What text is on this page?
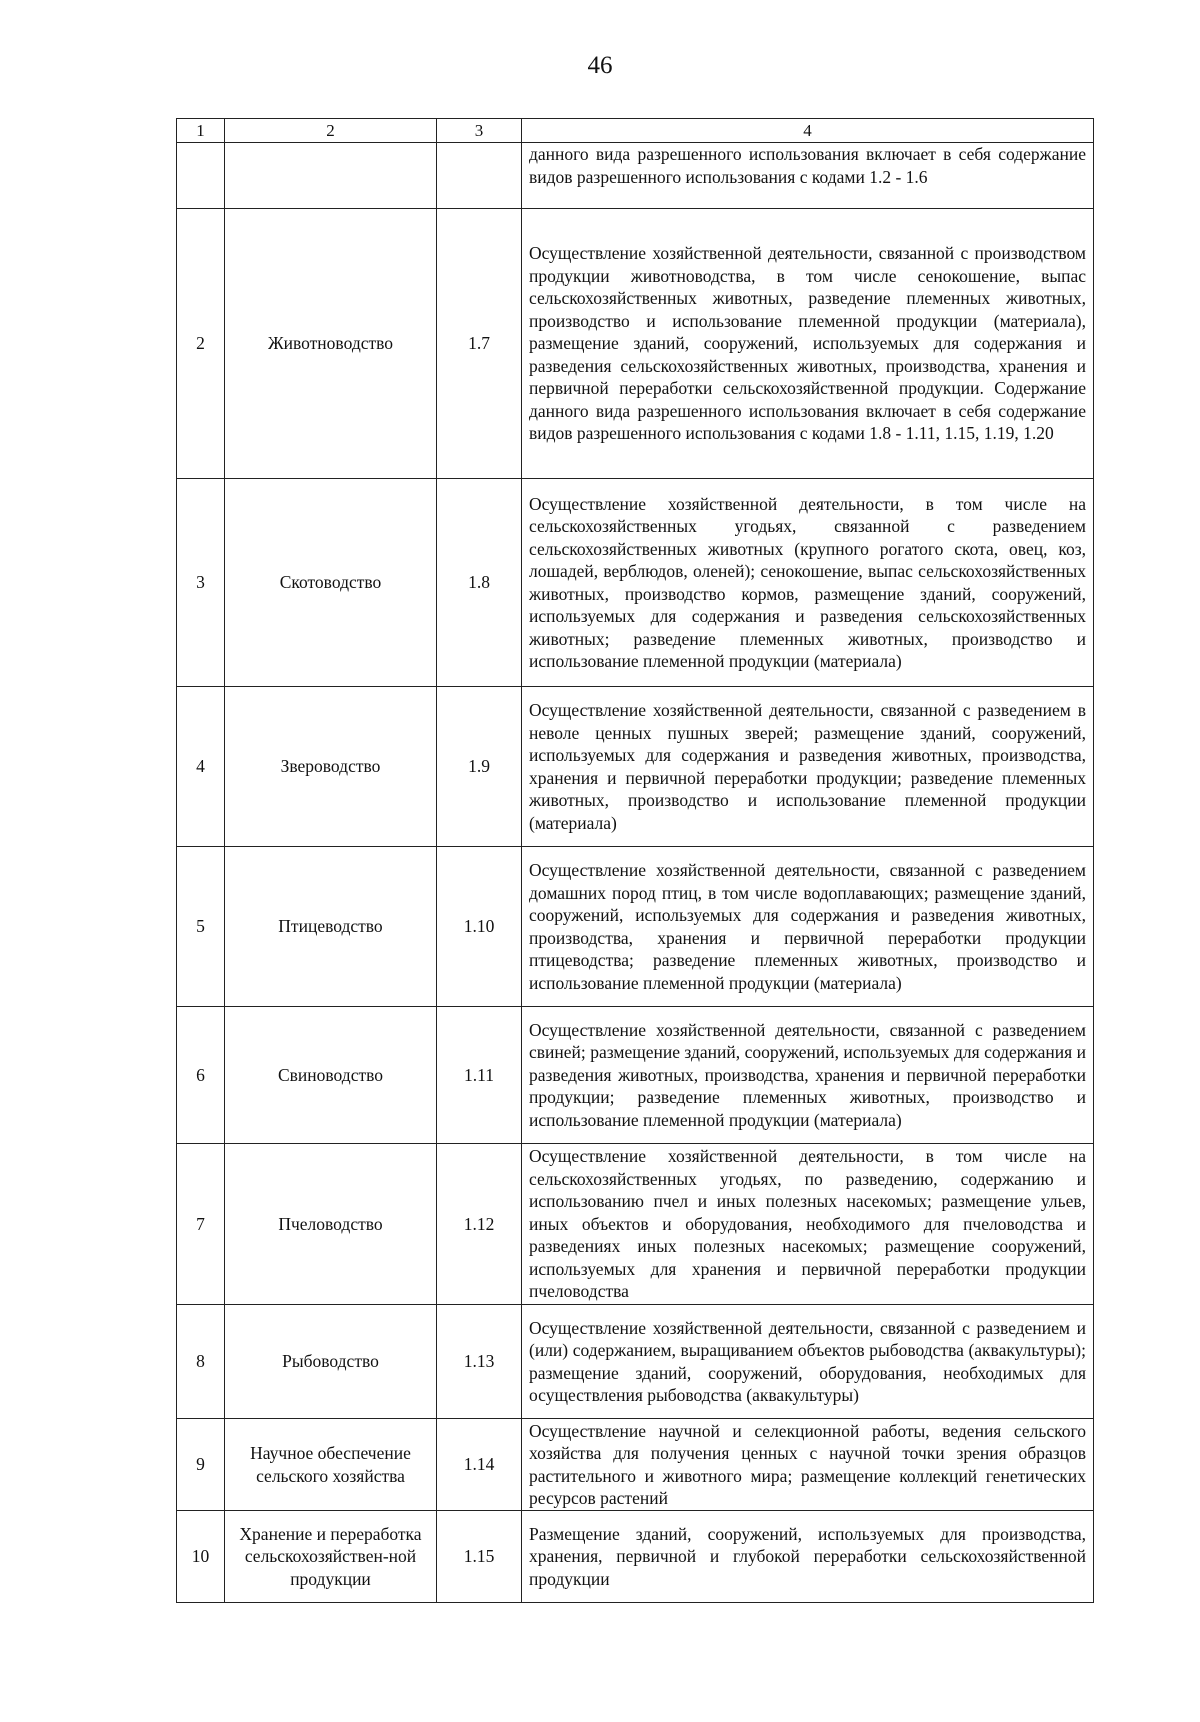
46
1	2	3	4
			данного вида разрешенного использования включает в себя содержание видов разрешенного использования с кодами 1.2 - 1.6
2	Животноводство	1.7	Осуществление хозяйственной деятельности, связанной с производством продукции животноводства, в том числе сенокошение, выпас сельскохозяйственных животных, разведение племенных животных, производство и использование племенной продукции (материала), размещение зданий, сооружений, используемых для содержания и разведения сельскохозяйственных животных, производства, хранения и первичной переработки сельскохозяйственной продукции. Содержание данного вида разрешенного использования включает в себя содержание видов разрешенного использования с кодами 1.8 - 1.11, 1.15, 1.19, 1.20
3	Скотоводство	1.8	Осуществление хозяйственной деятельности, в том числе на сельскохозяйственных угодьях, связанной с разведением сельскохозяйственных животных (крупного рогатого скота, овец, коз, лошадей, верблюдов, оленей); сенокошение, выпас сельскохозяйственных животных, производство кормов, размещение зданий, сооружений, используемых для содержания и разведения сельскохозяйственных животных; разведение племенных животных, производство и использование племенной продукции (материала)
4	Звероводство	1.9	Осуществление хозяйственной деятельности, связанной с разведением в неволе ценных пушных зверей; размещение зданий, сооружений, используемых для содержания и разведения животных, производства, хранения и первичной переработки продукции; разведение племенных животных, производство и использование племенной продукции (материала)
5	Птицеводство	1.10	Осуществление хозяйственной деятельности, связанной с разведением домашних пород птиц, в том числе водоплавающих; размещение зданий, сооружений, используемых для содержания и разведения животных, производства, хранения и первичной переработки продукции птицеводства; разведение племенных животных, производство и использование племенной продукции (материала)
6	Свиноводство	1.11	Осуществление хозяйственной деятельности, связанной с разведением свиней; размещение зданий, сооружений, используемых для содержания и разведения животных, производства, хранения и первичной переработки продукции; разведение племенных животных, производство и использование племенной продукции (материала)
7	Пчеловодство	1.12	Осуществление хозяйственной деятельности, в том числе на сельскохозяйственных угодьях, по разведению, содержанию и использованию пчел и иных полезных насекомых; размещение ульев, иных объектов и оборудования, необходимого для пчеловодства и разведениях иных полезных насекомых; размещение сооружений, используемых для хранения и первичной переработки продукции пчеловодства
8	Рыбоводство	1.13	Осуществление хозяйственной деятельности, связанной с разведением и (или) содержанием, выращиванием объектов рыбоводства (аквакультуры); размещение зданий, сооружений, оборудования, необходимых для осуществления рыбоводства (аквакультуры)
9	Научное обеспечение сельского хозяйства	1.14	Осуществление научной и селекционной работы, ведения сельского хозяйства для получения ценных с научной точки зрения образцов растительного и животного мира; размещение коллекций генетических ресурсов растений
10	Хранение и переработка сельскохозяйствен-ной продукции	1.15	Размещение зданий, сооружений, используемых для производства, хранения, первичной и глубокой переработки сельскохозяйственной продукции
